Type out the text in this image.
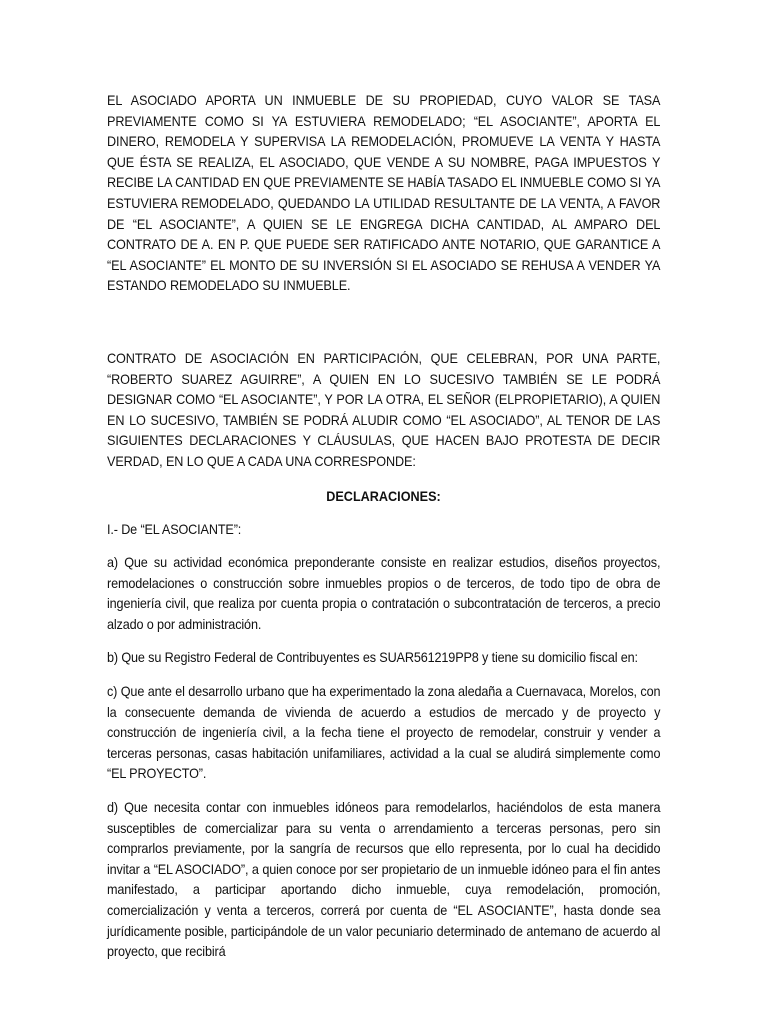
EL ASOCIADO APORTA UN INMUEBLE DE SU PROPIEDAD, CUYO VALOR SE TASA PREVIAMENTE COMO SI YA ESTUVIERA REMODELADO; “EL ASOCIANTE”, APORTA EL DINERO, REMODELA Y SUPERVISA LA REMODELACIÓN, PROMUEVE LA VENTA Y HASTA QUE ÉSTA SE REALIZA, EL ASOCIADO, QUE VENDE A SU NOMBRE, PAGA IMPUESTOS Y RECIBE LA CANTIDAD EN QUE PREVIAMENTE SE HABÍA TASADO EL INMUEBLE COMO SI YA ESTUVIERA REMODELADO, QUEDANDO LA UTILIDAD RESULTANTE DE LA VENTA, A FAVOR DE “EL ASOCIANTE”, A QUIEN SE LE ENGREGA DICHA CANTIDAD, AL AMPARO DEL CONTRATO DE A. EN P. QUE PUEDE SER RATIFICADO ANTE NOTARIO, QUE GARANTICE A “EL ASOCIANTE” EL MONTO DE SU INVERSIÓN SI EL ASOCIADO SE REHUSA A VENDER YA ESTANDO REMODELADO SU INMUEBLE.

CONTRATO DE ASOCIACIÓN EN PARTICIPACIÓN, QUE CELEBRAN, POR UNA PARTE, “ROBERTO SUAREZ AGUIRRE”, A QUIEN EN LO SUCESIVO TAMBIÉN SE LE PODRÁ DESIGNAR COMO “EL ASOCIANTE”, Y POR LA OTRA, EL SEÑOR (ELPROPIETARIO), A QUIEN EN LO SUCESIVO, TAMBIÉN SE PODRÁ ALUDIR COMO “EL ASOCIADO”, AL TENOR DE LAS SIGUIENTES DECLARACIONES Y CLÁUSULAS, QUE HACEN BAJO PROTESTA DE DECIR VERDAD, EN LO QUE A CADA UNA CORRESPONDE:

DECLARACIONES:

I.- De “EL ASOCIANTE”:

a) Que su actividad económica preponderante consiste en realizar estudios, diseños proyectos, remodelaciones o construcción sobre inmuebles propios o de terceros, de todo tipo de obra de ingeniería civil, que realiza por cuenta propia o contratación o subcontratación de terceros, a precio alzado o por administración.

b) Que su Registro Federal de Contribuyentes es SUAR561219PP8 y tiene su domicilio fiscal en:

c) Que ante el desarrollo urbano que ha experimentado la zona aledaña a Cuernavaca, Morelos, con la consecuente demanda de vivienda de acuerdo a estudios de mercado y de proyecto y construcción de ingeniería civil, a la fecha tiene el proyecto de remodelar, construir y vender a terceras personas, casas habitación unifamiliares, actividad a la cual se aludirá simplemente como “EL PROYECTO”.

d) Que necesita contar con inmuebles idóneos para remodelarlos, haciéndolos de esta manera susceptibles de comercializar para su venta o arrendamiento a terceras personas, pero sin comprarlos previamente, por la sangría de recursos que ello representa, por lo cual ha decidido invitar a “EL ASOCIADO”, a quien conoce por ser propietario de un inmueble idóneo para el fin antes manifestado, a participar aportando dicho inmueble, cuya remodelación, promoción, comercialización y venta a terceros, correrá por cuenta de “EL ASOCIANTE”, hasta donde sea jurídicamente posible, participándole de un valor pecuniario determinado de antemano de acuerdo al proyecto, que recibirá
